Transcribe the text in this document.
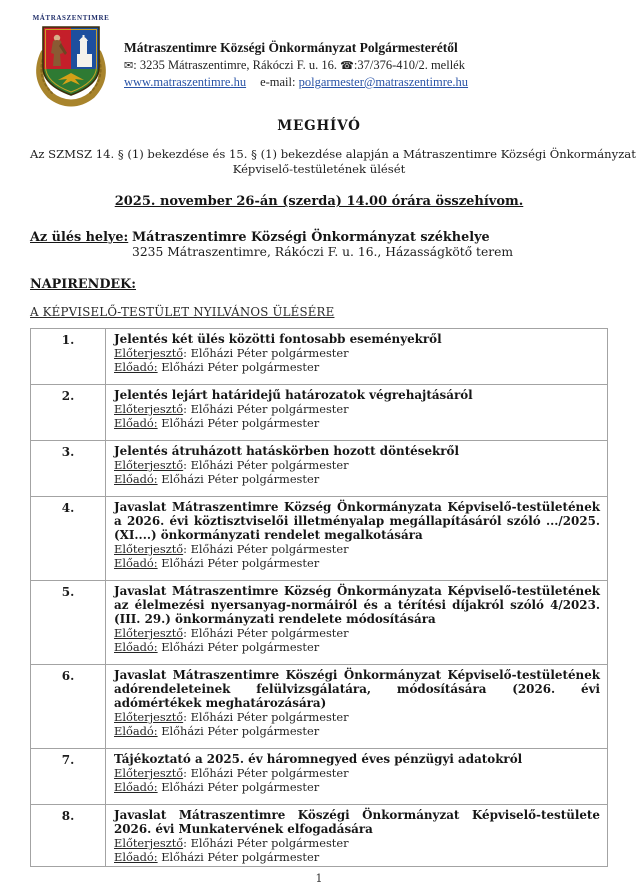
MÁTRASZENTIMRE
Mátraszentimre Községi Önkormányzat Polgármesterétől
✉: 3235 Mátraszentimre, Rákóczi F. u. 16. ☎:37/376-410/2. mellék
www.matraszentimre.hu e-mail: polgarmester@matraszentimre.hu
MEGHÍVÓ
Az SZMSZ 14. § (1) bekezdése és 15. § (1) bekezdése alapján a Mátraszentimre Községi Önkormányzat
Képviselő-testületének ülését
2025. november 26-án (szerda) 14.00 órára összehívom.
Az ülés helye: Mátraszentimre Községi Önkormányzat székhelye
3235 Mátraszentimre, Rákóczi F. u. 16., Házasságkötő terem
NAPIRENDEK:
A KÉPVISELŐ-TESTÜLET NYILVÁNOS ÜLÉSÉRE
1.	Jelentés két ülés közötti fontosabb eseményekről
Előterjesztő: Előházi Péter polgármester
Előadó: Előházi Péter polgármester

2.	Jelentés lejárt határidejű határozatok végrehajtásáról
Előterjesztő: Előházi Péter polgármester
Előadó: Előházi Péter polgármester

3.	Jelentés átruházott hatáskörben hozott döntésekről
Előterjesztő: Előházi Péter polgármester
Előadó: Előházi Péter polgármester

4.	Javaslat Mátraszentimre Község Önkormányzata Képviselő-testületének a 2026. évi köztisztviselői illetményalap megállapításáról szóló .../2025. (XI....) önkormányzati rendelet megalkotására
Előterjesztő: Előházi Péter polgármester
Előadó: Előházi Péter polgármester

5.	Javaslat Mátraszentimre Község Önkormányzata Képviselő-testületének az élelmezési nyersanyag-normáiról és a térítési díjakról szóló 4/2023. (III. 29.) önkormányzati rendelete módosítására
Előterjesztő: Előházi Péter polgármester
Előadó: Előházi Péter polgármester

6.	Javaslat Mátraszentimre Köszégi Önkormányzat Képviselő-testületének adórendeleteinek felülvizsgálatára, módosítására (2026. évi adómértékek meghatározására)
Előterjesztő: Előházi Péter polgármester
Előadó: Előházi Péter polgármester

7.	Tájékoztató a 2025. év háromnegyed éves pénzügyi adatokról
Előterjesztő: Előházi Péter polgármester
Előadó: Előházi Péter polgármester

8.	Javaslat Mátraszentimre Köszégi Önkormányzat Képviselő-testülete 2026. évi Munkatervének elfogadására
Előterjesztő: Előházi Péter polgármester
Előadó: Előházi Péter polgármester
1
